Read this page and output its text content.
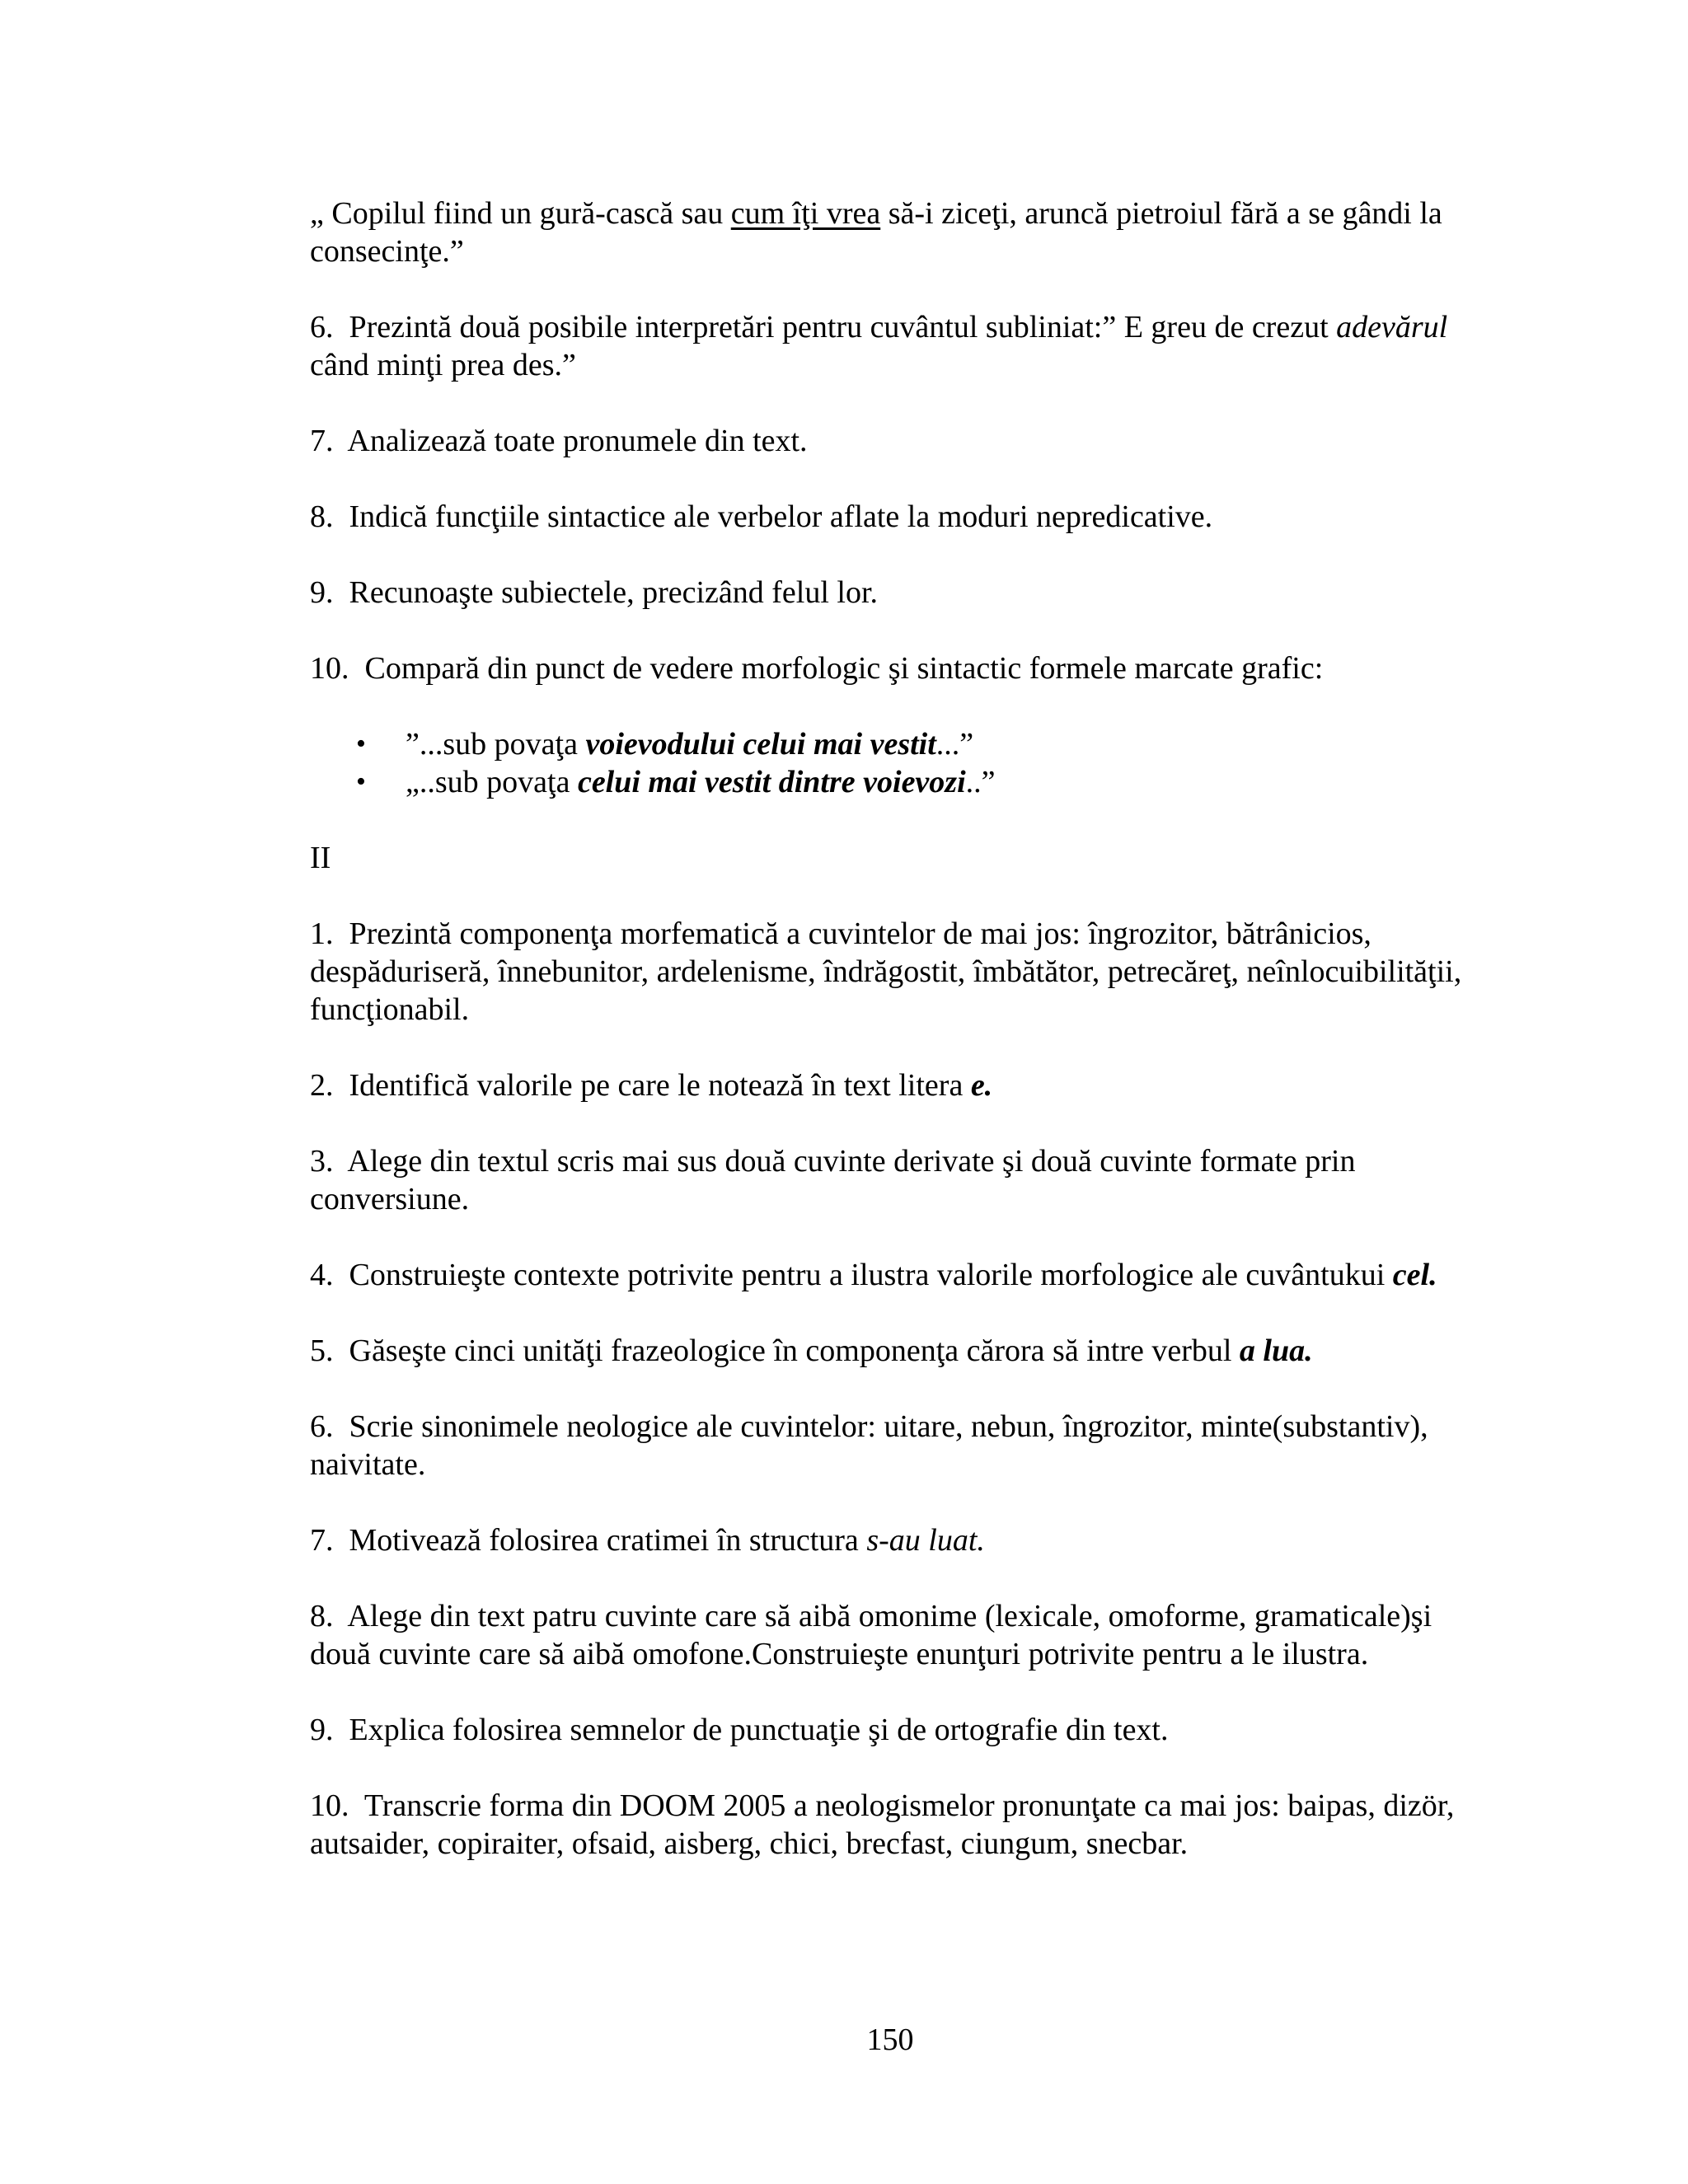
„ Copilul fiind un gură-cască sau cum îţi vrea să-i ziceţi, aruncă pietroiul fără a se gândi la consecinţe.”

6. Prezintă două posibile interpretări pentru cuvântul subliniat:” E greu de crezut adevărul când minţi prea des.”

7. Analizează toate pronumele din text.

8. Indică funcţiile sintactice ale verbelor aflate la moduri nepredicative.

9. Recunoaşte subiectele, precizând felul lor.

10. Compară din punct de vedere morfologic şi sintactic formele marcate grafic:

• ”...sub povaţa voievodului celui mai vestit...”
• „..sub povaţa celui mai vestit dintre voievozi..”

II

1. Prezintă componenţa morfematică a cuvintelor de mai jos: îngrozitor, bătrânicios, despăduriseră, înnebunitor, ardelenisme, îndrăgostit, îmbătător, petrecăreţ, neînlocuibilităţii, funcţionabil.

2. Identifică valorile pe care le notează în text litera e.

3. Alege din textul scris mai sus două cuvinte derivate şi două cuvinte formate prin conversiune.

4. Construieşte contexte potrivite pentru a ilustra valorile morfologice ale cuvântukui cel.

5. Găseşte cinci unităţi frazeologice în componenţa cărora să intre verbul a lua.

6. Scrie sinonimele neologice ale cuvintelor: uitare, nebun, îngrozitor, minte(substantiv), naivitate.

7. Motivează folosirea cratimei în structura s-au luat.

8. Alege din text patru cuvinte care să aibă omonime (lexicale, omoforme, gramaticale)şi două cuvinte care să aibă omofone.Construieşte enunţuri potrivite pentru a le ilustra.

9. Explica folosirea semnelor de punctuaţie şi de ortografie din text.

10. Transcrie forma din DOOM 2005 a neologismelor pronunţate ca mai jos: baipas, dizör, autsaider, copiraiter, ofsaid, aisberg, chici, brecfast, ciungum, snecbar.

150
